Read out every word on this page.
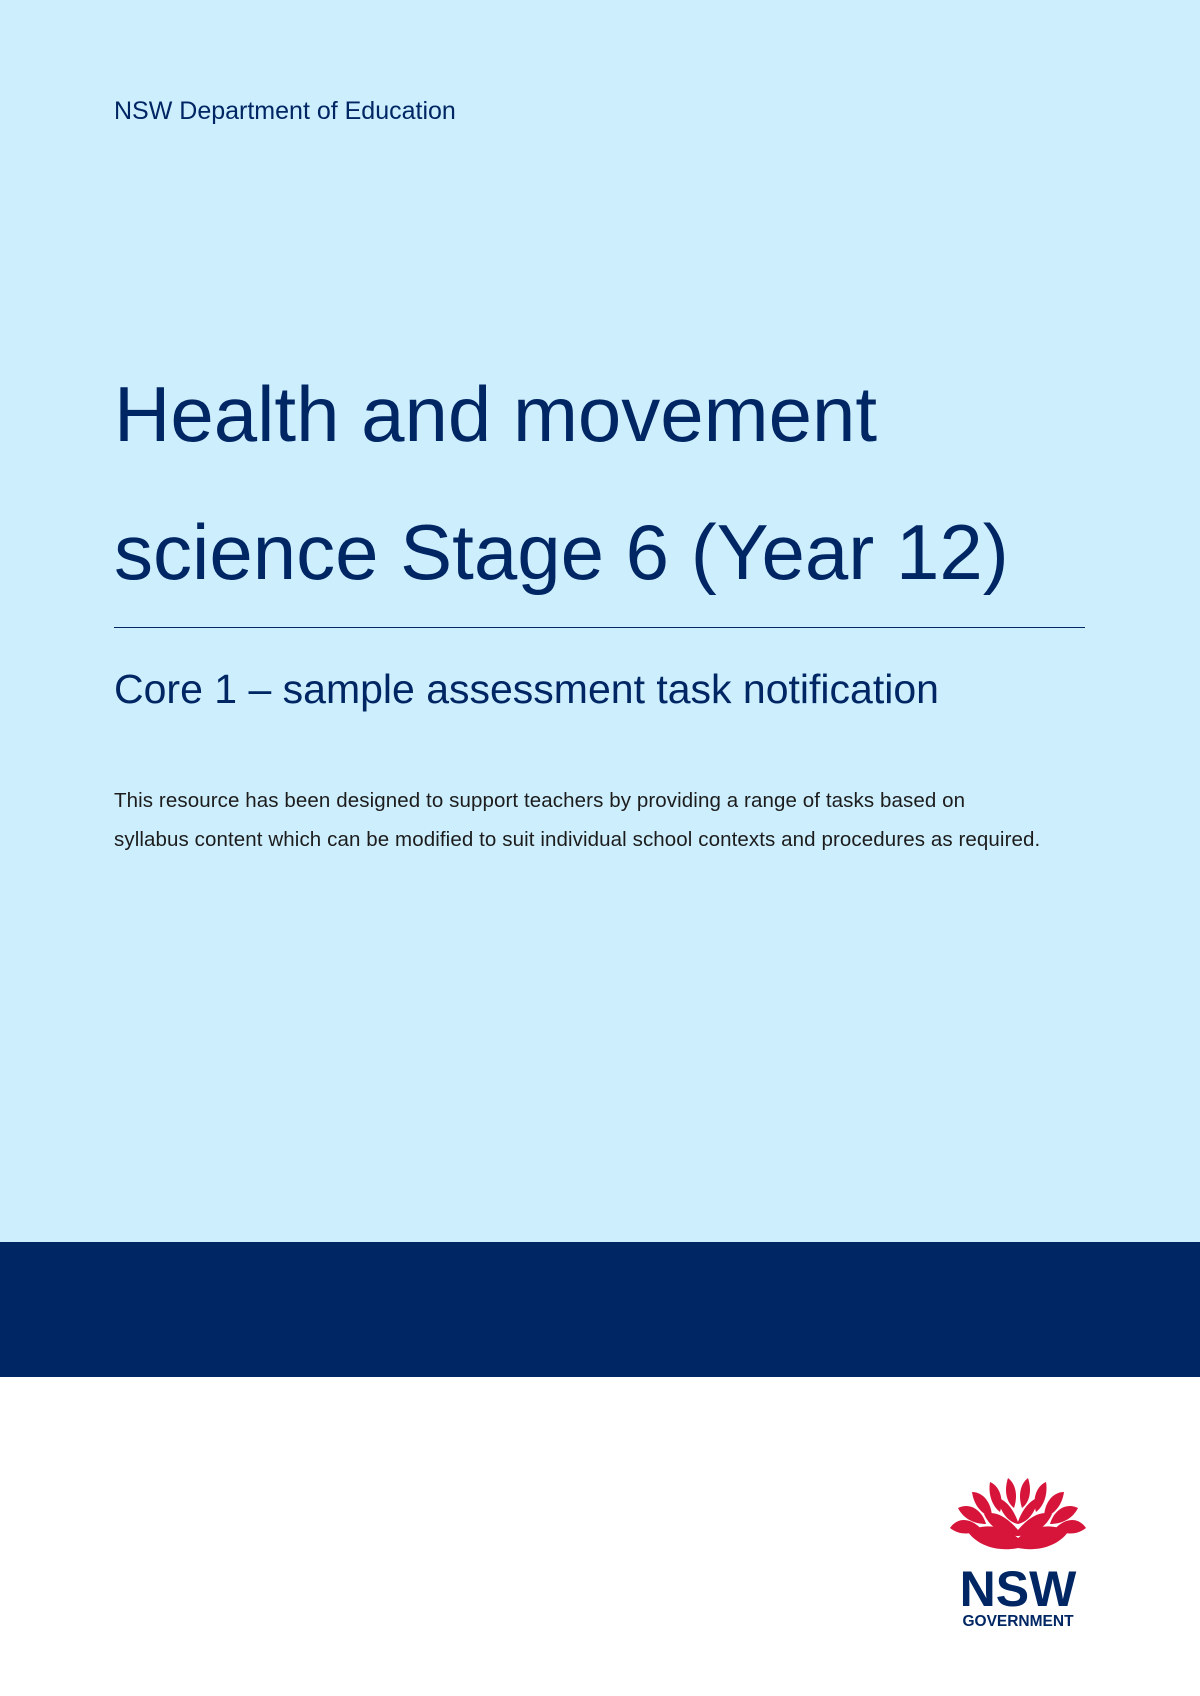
NSW Department of Education
Health and movement
science Stage 6 (Year 12)
Core 1 – sample assessment task notification

This resource has been designed to support teachers by providing a range of tasks based on syllabus content which can be modified to suit individual school contexts and procedures as required.

NSW
GOVERNMENT
